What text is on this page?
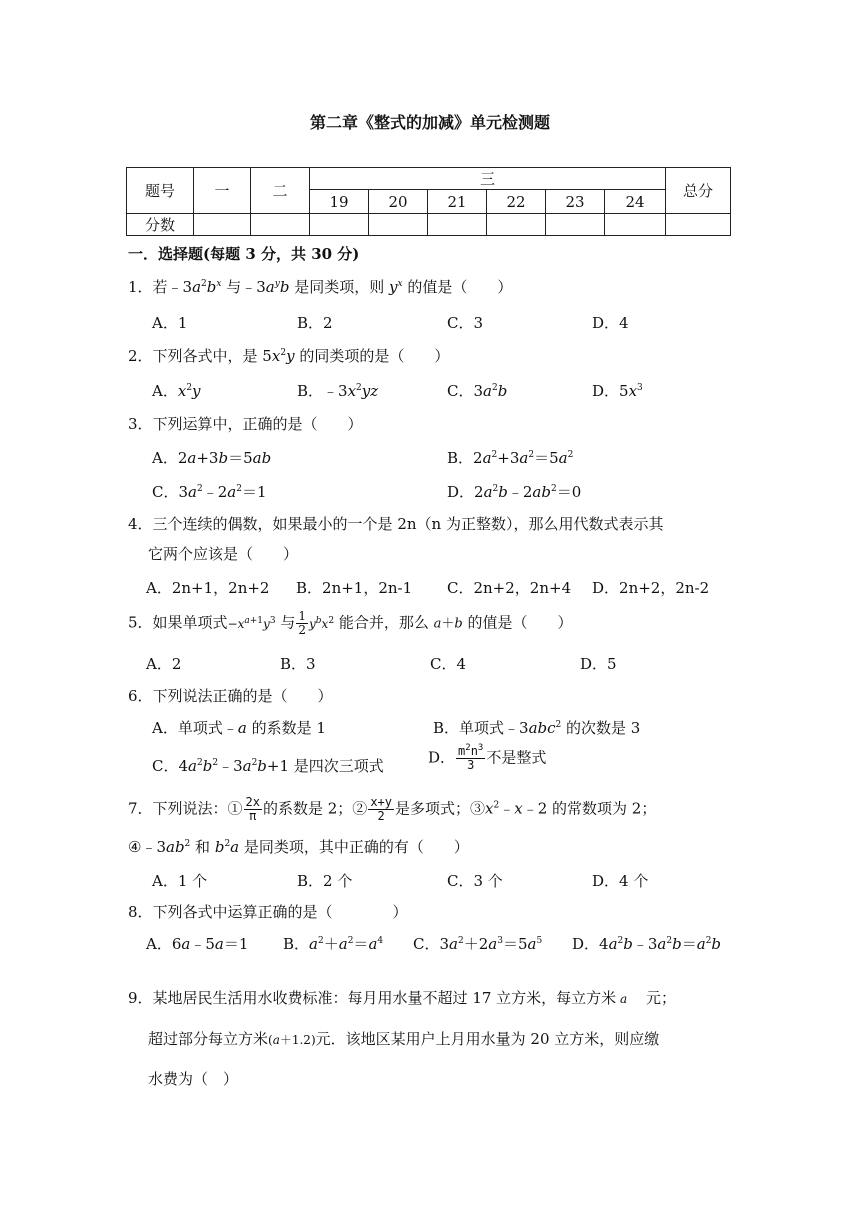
第二章《整式的加减》单元检测题
题号	一	二	三						总分
			19	20	21	22	23	24	
分数									
一．选择题(每题 3 分，共 30 分)
1．若$﹣3a^2b^x$ 与$﹣3a^yb$ 是同类项，则 $y^x$ 的值是（　　）
A．1	B．2	C．3	D．4
2．下列各式中，是 $5x^2y$ 的同类项的是（　　）
A．$x^2y$	B．$﹣3x^2yz$	C．$3a^2b$	D．$5x^3$
3．下列运算中，正确的是（　　）
A．2a+3b＝5ab	B．$2a^2+3a^2=5a^2$
C．$3a^2﹣2a^2=1$	D．$2a^2b﹣2ab^2=0$
4．三个连续的偶数，如果最小的一个是 2n（n 为正整数），那么用代数式表示其
它两个应该是（　　）
A．2n+1，2n+2 B．2n+1，2n-1 C．2n+2，2n+4 D．2n+2，2n-2
5．如果单项式$-x^{a+1}y^3$ 与 $\frac{1}{2} y^bx^2$ 能合并，那么 a＋b 的值是（　　）
A．2	B．3	C．4	D．5
6．下列说法正确的是（　　）
A．单项式﹣a 的系数是 1	B．单项式﹣3abc$^2$ 的次数是 3
C．$4a^2b^2﹣3a^2b+1$ 是四次三项式	D． $\frac{m^2n^3}{3}$ 不是整式
7．下列说法：① $\frac{2x}{\pi}$ 的系数是 2；② $\frac{x+y}{2}$ 是多项式；$③x^2﹣x﹣2$ 的常数项为 2；
$④﹣3ab^2$ 和 $b^2a$ 是同类项，其中正确的有（　　）
A．1 个	B．2 个	C．3 个	D．4 个
8．下列各式中运算正确的是（　　　　）
A．6a﹣5a＝1 B．$a^2+a^2=a^4$ C．$3a^2+2a^3=5a^5$ D．$4a^2b﹣3a^2b=a^2b$
9．某地居民生活用水收费标准：每月用水量不超过 17 立方米，每立方米 a 　 元；
超过部分每立方米(a＋1.2)元．该地区某用户上月用水量为 20 立方米，则应缴
水费为（　）
